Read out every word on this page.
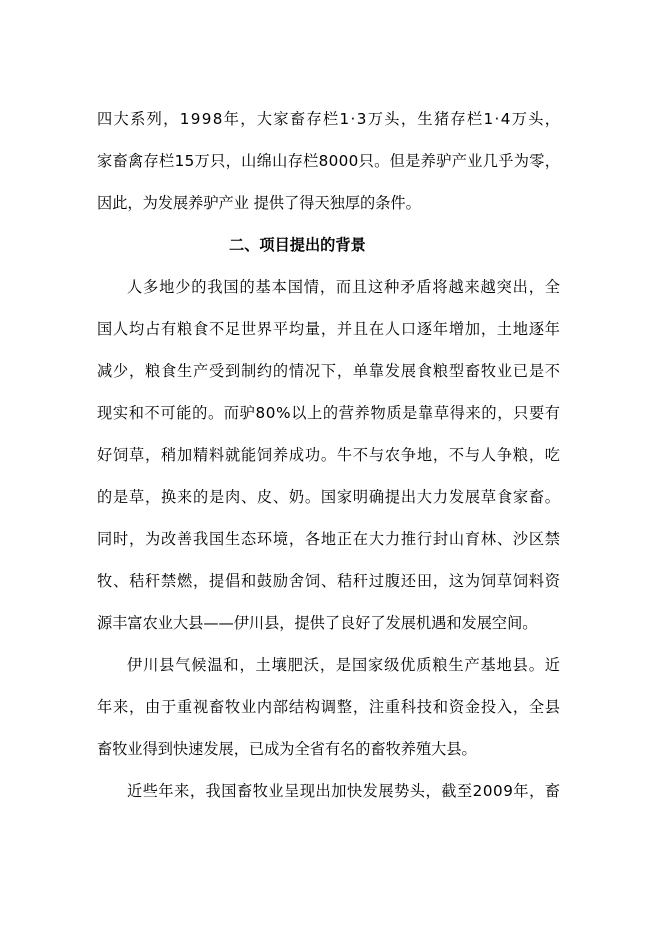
四大系列，1998年，大家畜存栏1·3万头，生猪存栏1·4万头，
家畜禽存栏15万只，山绵山存栏8000只。但是养驴产业几乎为零，
因此，为发展养驴产业 提供了得天独厚的条件。
二、项目提出的背景
人多地少的我国的基本国情，而且这种矛盾将越来越突出，全
国人均占有粮食不足世界平均量，并且在人口逐年增加，土地逐年
减少，粮食生产受到制约的情况下，单靠发展食粮型畜牧业已是不
现实和不可能的。而驴80%以上的营养物质是靠草得来的，只要有
好饲草，稍加精料就能饲养成功。牛不与农争地，不与人争粮，吃
的是草，换来的是肉、皮、奶。国家明确提出大力发展草食家畜。
同时，为改善我国生态环境，各地正在大力推行封山育林、沙区禁
牧、秸秆禁燃，提倡和鼓励舍饲、秸秆过腹还田，这为饲草饲料资
源丰富农业大县——伊川县，提供了良好了发展机遇和发展空间。
伊川县气候温和，土壤肥沃，是国家级优质粮生产基地县。近
年来，由于重视畜牧业内部结构调整，注重科技和资金投入，全县
畜牧业得到快速发展，已成为全省有名的畜牧养殖大县。
近些年来，我国畜牧业呈现出加快发展势头，截至2009年，畜
